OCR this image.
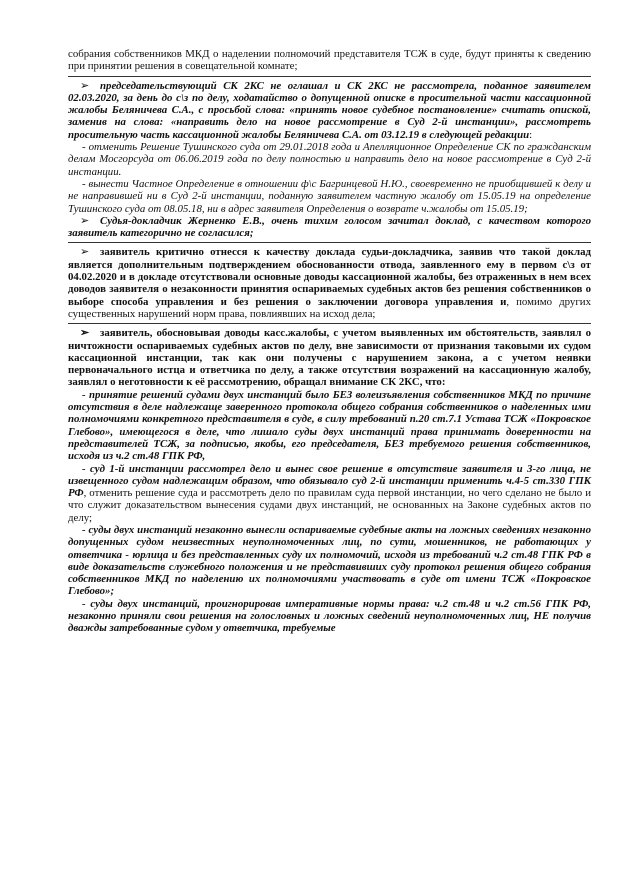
собрания собственников МКД о наделении полномочий представителя ТСЖ в суде, будут приняты к сведению при принятии решения в совещательной комнате;

➢ председательствующий СК 2КС не оглашал и СК 2КС не рассмотрела, поданное заявителем 02.03.2020, за день до с\з по делу, ходатайство о допущенной описке в просительной части кассационной жалобы Беляничева С.А., с просьбой слова: «принять новое судебное постановление» считать опиской, заменив на слова: «направить дело на новое рассмотрение в Суд 2-й инстанции», рассмотреть просительную часть кассационной жалобы Беляничева С.А. от 03.12.19 в следующей редакции:

- отменить Решение Тушинского суда от 29.01.2018 года и Апелляционное Определение СК по гражданским делам Мосгорсуда от 06.06.2019 года по делу полностью и направить дело на новое рассмотрение в Суд 2-й инстанции.

- вынести Частное Определение в отношении ф\с Багринцевой Н.Ю., своевременно не приобщившей к делу и не направившей ни в Суд 2-й инстанции, поданную заявителем частную жалобу от 15.05.19 на определение Тушинского суда от 08.05.18, ни в адрес заявителя Определения о возврате ч.жалобы от 15.05.19;

➢ Судья-докладчик Жерненко Е.В., очень тихим голосом зачитал доклад, с качеством которого заявитель категорично не согласился;

➢ заявитель критично отнесся к качеству доклада судьи-докладчика, заявив что такой доклад является дополнительным подтверждением обоснованности отвода, заявленного ему в первом с\з от 04.02.2020 и в докладе отсутствовали основные доводы кассационной жалобы, без отраженных в нем всех доводов заявителя о незаконности принятия оспариваемых судебных актов без решения собственников о выборе способа управления и без решения о заключении договора управления и, помимо других существенных нарушений норм права, повлиявших на исход дела;

➢ заявитель, обосновывая доводы касс.жалобы, с учетом выявленных им обстоятельств, заявлял о ничтожности оспариваемых судебных актов по делу, вне зависимости от признания таковыми их судом кассационной инстанции, так как они получены с нарушением закона, а с учетом неявки первоначального истца и ответчика по делу, а также отсутствия возражений на кассационную жалобу, заявлял о неготовности к её рассмотрению, обращал внимание СК 2КС, что:

- принятие решений судами двух инстанций было БЕЗ волеизъявления собственников МКД по причине отсутствия в деле надлежаще заверенного протокола общего собрания собственников о наделенных ими полномочиями конкретного представителя в суде, в силу требований п.20 ст.7.1 Устава ТСЖ «Покровское Глебово», имеющегося в деле, что лишало суды двух инстанций права принимать доверенности на представителей ТСЖ, за подписью, якобы, его председателя, БЕЗ требуемого решения собственников, исходя из ч.2 ст.48 ГПК РФ,

- суд 1-й инстанции рассмотрел дело и вынес свое решение в отсутствие заявителя и 3-го лица, не извещенного судом надлежащим образом, что обязывало суд 2-й инстанции применить ч.4-5 ст.330 ГПК РФ, отменить решение суда и рассмотреть дело по правилам суда первой инстанции, но чего сделано не было и что служит доказательством вынесения судами двух инстанций, не основанных на Законе судебных актов по делу;

- суды двух инстанций незаконно вынесли оспариваемые судебные акты на ложных сведениях незаконно допущенных судом неизвестных неуполномоченных лиц, по сути, мошенников, не работающих у ответчика - юрлица и без представленных суду их полномочий, исходя из требований ч.2 ст.48 ГПК РФ в виде доказательств служебного положения и не представивших суду протокол решения общего собрания собственников МКД по наделению их полномочиями участвовать в суде от имени ТСЖ «Покровское Глебово»;

- суды двух инстанций, проигнорировав императивные нормы права: ч.2 ст.48 и ч.2 ст.56 ГПК РФ, незаконно приняли свои решения на голословных и ложных сведений неуполномоченных лиц, НЕ получив дважды затребованные судом у ответчика, требуемые
